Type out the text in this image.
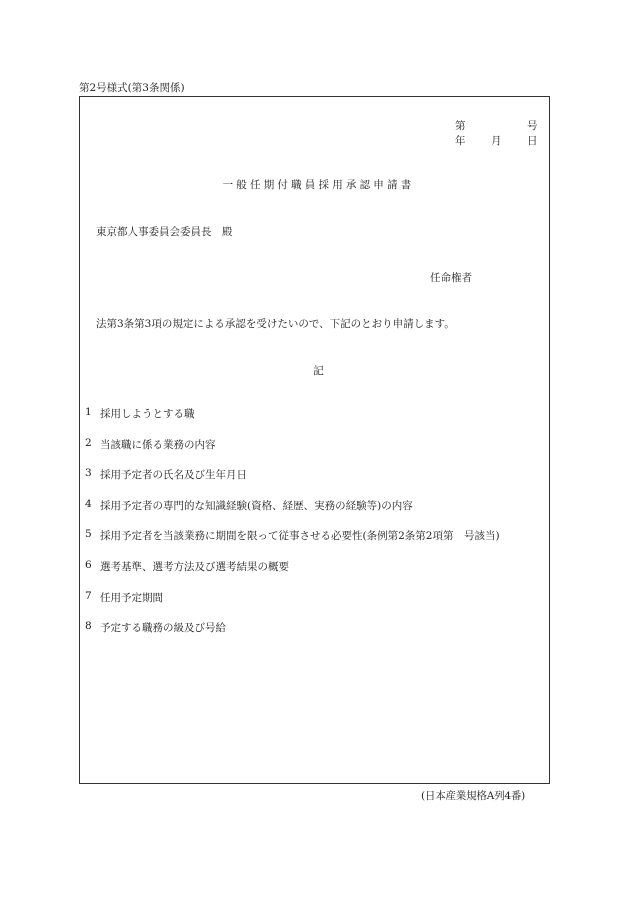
第2号様式(第3条関係)
第	号
年 月 日
一般任期付職員採用承認申請書
東京都人事委員会委員長　殿
任命権者
法第3条第3項の規定による承認を受けたいので、下記のとおり申請します。
記
1 採用しようとする職
2 当該職に係る業務の内容
3 採用予定者の氏名及び生年月日
4 採用予定者の専門的な知識経験(資格、経歴、実務の経験等)の内容
5 採用予定者を当該業務に期間を限って従事させる必要性(条例第2条第2項第　号該当)
6 選考基準、選考方法及び選考結果の概要
7 任用予定期間
8 予定する職務の級及び号給
(日本産業規格A列4番)
